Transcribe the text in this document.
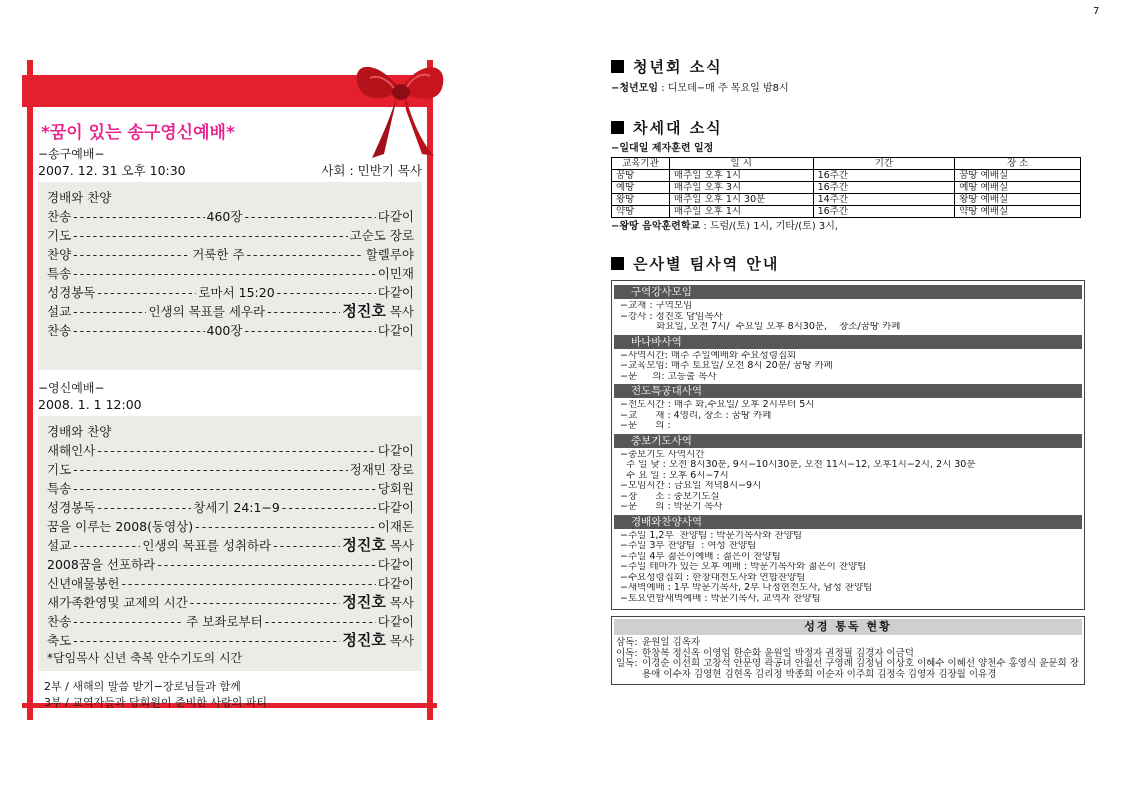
7
*꿈이 있는 송구영신예배*
−송구예배−
2007. 12. 31 오후 10:30	사회 : 민반기 목사
경배와 찬양
찬송 - - -	460장 - - -	다같이
기도 - - -	고순도 장로
찬양 - - -	거룩한 주 - - -	할렐루야
특송 - - -	이민재
성경봉독 - - -	로마서 15:20 - - -	다같이
설교 - - -	인생의 목표를 세우라 - - -	정진호 목사
찬송 - - -	400장 - - -	다같이
−영신예배−
2008. 1. 1 12:00
경배와 찬양
새해인사 - - -	다같이
기도 - - -	정재민 장로
특송 - - -	당회원
성경봉독 - - -	창세기 24:1−9 - - -	다같이
꿈을 이루는 2008(동영상) - - -	이재돈
설교 - - -	인생의 목표를 성취하라 - - -	정진호 목사
2008꿈을 선포하라 - - -	다같이
신년애물봉헌 - - -	다같이
새가족환영및 교제의 시간 - - -	정진호 목사
찬송 - - -	주 보좌로부터 - - -	다같이
축도 - - -	정진호 목사
*담임목사 신년 축복 안수기도의 시간
2부 / 새해의 말씀 받기−장로님들과 함께
3부 / 교역자들과 당회원이 준비한 사랑의 파티
청년회 소식
−청년모임 : 디모데−매 주 목요일 밤8시
차세대 소식
−일대일 제자훈련 일정
교육기관	일 시	기간	장 소
꿈땅	매주일 오후 1시	16주간	꿈땅 예배실
예땅	매주일 오후 3시	16주간	예땅 예배실
왕땅	매주일 오후 1시 30분	14주간	왕땅 예배실
약땅	매주일 오후 1시	16주간	약땅 예배실
−왕땅 음악훈련학교 : 드럼/(토) 1시, 기타/(토) 3시,
은사별 팀사역 안내
구역강사모임
−교재 : 구역모임
−강사 : 정진호 담임목사
화요일, 오전 7시/  수요일 오후 8시30분,    장소/꿈땅 카페
바나바사역
−사역시간: 매주 주일예배와 수요성령집회
−교육모임: 매주 토요일/ 오전 8시 20분/ 꿈땅 카페
−문     의: 고등출 목사
전도특공대사역
−전도시간 : 매주 화,수요일/ 오후 2시부터 5시
−교      재 : 4영리, 장소 : 꿈땅 카페
−문      의 :
중보기도사역
−중보기도 사역시간
주 일 낮 : 오전 8시30분, 9시−10시30분, 오전 11시−12, 오후1시−2시, 2시 30분
수 요 일 : 오후 6시−7시
−모임시간 : 금요일 저녁8시−9시
−장      소 : 중보기도실
−문      의 : 박문기 목사
경배와찬양사역
−주일 1,2부  찬양팀 : 박문기목사와 찬양팀
−주일 3부 찬양팀  : 여성 찬양팀
−주일 4부 젊은이예배 : 젊은이 찬양팀
−주일 테마가 있는 오후 예배 : 박문기목사와 젊은이 찬양팀
−수요성령집회 : 한창대전도사와 연합찬양팀
−새벽예배 : 1부 박문기목사, 2부 나정현전도사, 남성 찬양팀
−토요연합새벽예배 : 박문기목사, 교역자 찬양팀
성경 통독 현황
삼독: 윤원일 김옥자
이독: 한창복 정신옥 이영임 한순화 윤원일 박정자 권정필 김경자 이금덕
일독: 이경순 이선희 고창석 안문영 곽공녀 안월선 구영례 김정님 이상호 이혜수 이혜선 양천수 홍영식 윤문희 장용애 이수자 김영현 김현옥 김리정 박종희 이순자 이주희 김정숙 김영자 김장월 이유경
